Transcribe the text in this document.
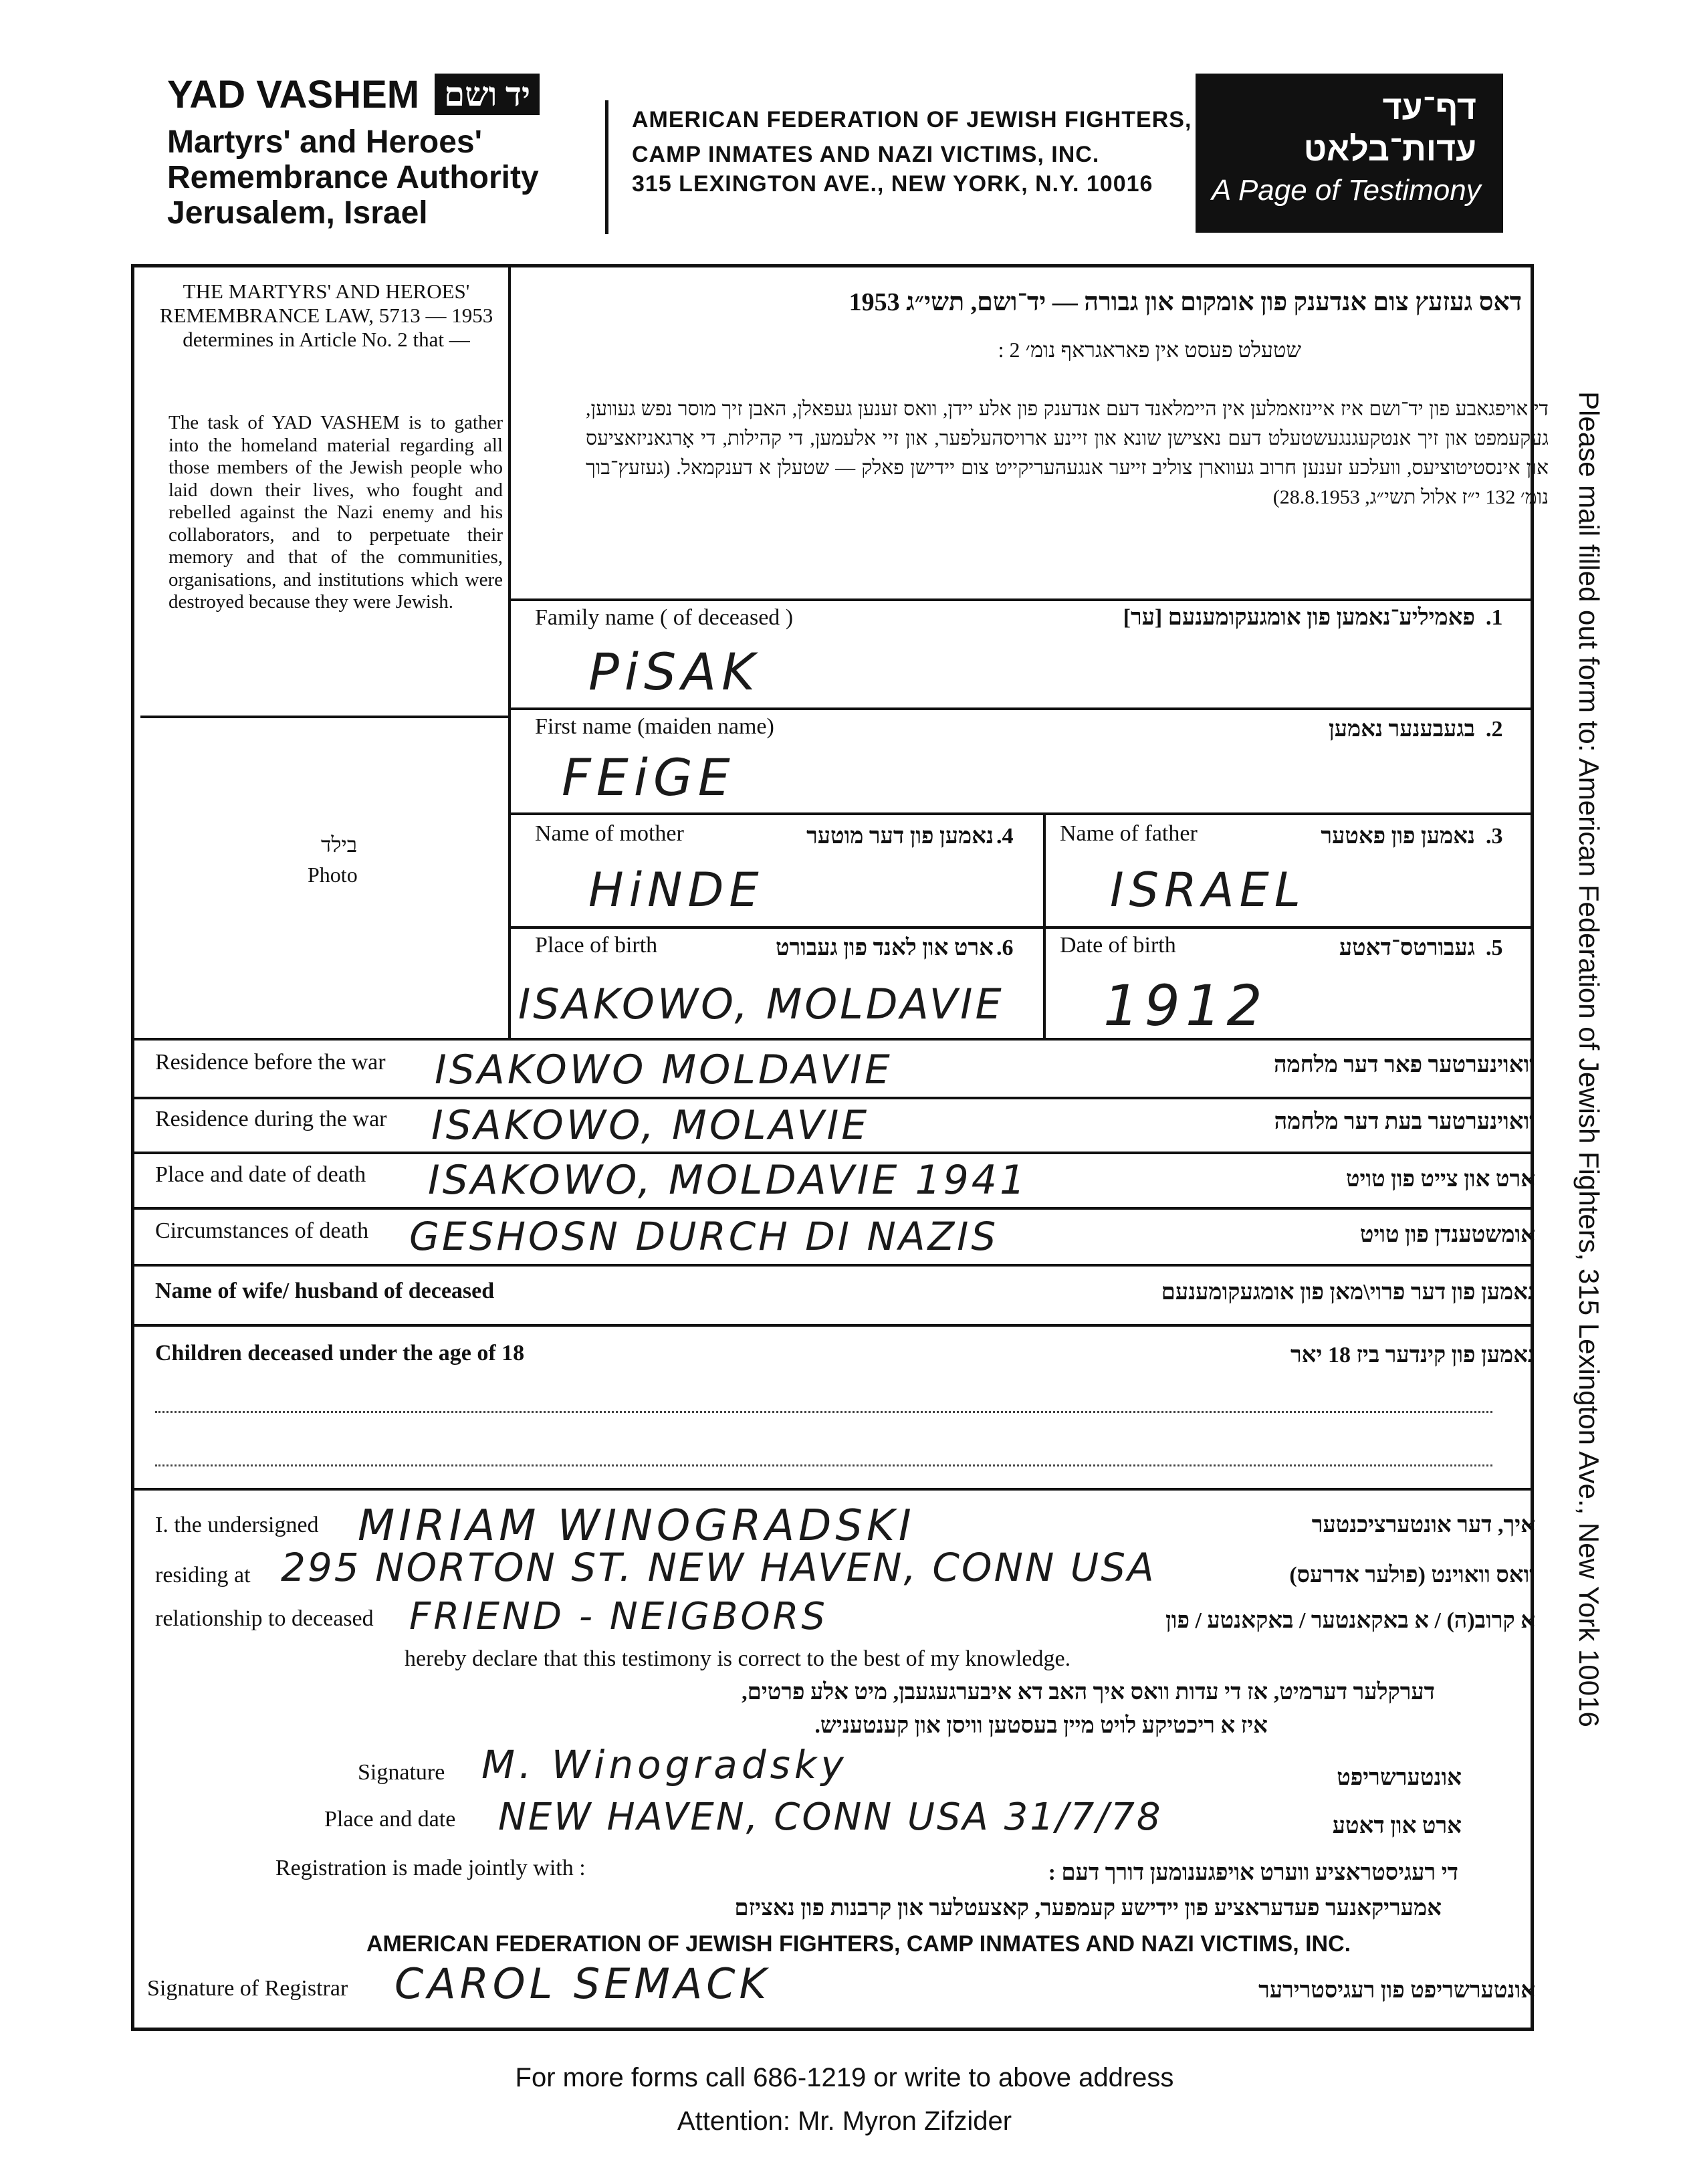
YAD VASHEM יד ושם
Martyrs' and Heroes'
Remembrance Authority
Jerusalem, Israel
AMERICAN FEDERATION OF JEWISH FIGHTERS,
CAMP INMATES AND NAZI VICTIMS, INC.
315 LEXINGTON AVE., NEW YORK, N.Y. 10016
דף־עד
עדות־בלאט
A Page of Testimony
THE MARTYRS' AND HEROES' REMEMBRANCE LAW, 5713 — 1953 determines in Article No. 2 that —
The task of YAD VASHEM is to gather into the homeland material regarding all those members of the Jewish people who laid down their lives, who fought and rebelled against the Nazi enemy and his collaborators, and to perpetuate their memory and that of the communities, organisations, and institutions which were destroyed because they were Jewish.
דאס געזעץ צום אנדענק פון אומקום און גבורה — יד־ושם, תשי״ג 1953
שטעלט פעסט אין פאראגראף נומ׳ 2 :
די אויפגאבע פון יד־ושם איז איינזאמלען אין היימלאנד דעם אנדענק פון אלע יידן, וואס זענען געפאלן, האבן זיך מוסר נפש געווען, געקעמפט און זיך אנטקעגנגעשטעלט דעם נאצישן שונא און זיינע ארויסהעלפער, און זיי אלעמען, די קהילות, די אָרגאניזאציעס און אינסטיטוציעס, וועלכע זענען חרוב געווארן צוליב זייער אנגעהעריקייט צום יידישן פאלק — שטעלן א דענקמאל. (געזעץ־בוך נומ׳ 132 י״ז אלול תשי״ג, 28.8.1953)
בילד
Photo
Family name ( of deceased )	פאמיליע־נאמען פון אומגעקומענעם [ער] .1
PiSAK
First name (maiden name)	בגעבענער נאמען .2
FEiGE
Name of mother	נאמען פון דער מוטער .4
HiNDE
Name of father	נאמען פון פאטער .3
ISRAEL
Place of birth	ארט און לאנד פון געבורט .6
ISAKOWO, MOLDAVIE
Date of birth	געבורטס־דאטע .5
1912
Residence before the war ISAKOWO MOLDAVIE	וואוינערטער פאר דער מלחמה
Residence during the war ISAKOWO, MOLAVIE	וואוינערטער בעת דער מלחמה
Place and date of death ISAKOWO, MOLDAVIE 1941	ארט און צייט פון טויט
Circumstances of death GESHOSN DURCH DI NAZIS	אומשטענדן פון טויט
Name of wife/ husband of deceased	נאמען פון דער פרוי\מאן פון אומגעקומענעם
Children deceased under the age of 18	נאמען פון קינדער ביז 18 יאר
I. the undersigned MIRIAM WINOGRADSKI	איך, דער אונטערציכנטער
residing at 295 NORTON ST. NEW HAVEN, CONN USA	וואס וואוינט (פולער אדרעס)
relationship to deceased FRIEND - NEIGBORS	א קרוב(ה) / א באקאנטער / באקאנטע / פון
hereby declare that this testimony is correct to the best of my knowledge.
דערקלער דערמיט, אז די עדות וואס איך האב דא איבערגעגעבן, מיט אלע פרטים,
איז א ריכטיקע לויט מיין בעסטען וויסן און קענטעניש.
Signature M. Winogradsky	אונטערשריפט
Place and date NEW HAVEN, CONN USA 31/7/78	ארט און דאטע
Registration is made jointly with :	די רעגיסטראציע ווערט אויפגענומען דורך דעם :
אמעריקאנער פעדעראציע פון יידישע קעמפער, קאצעטלער און קרבנות פון נאציזם
AMERICAN FEDERATION OF JEWISH FIGHTERS, CAMP INMATES AND NAZI VICTIMS, INC.
Signature of Registrar CAROL SEMACK	אונטערשריפט פון רעגיסטרירער
Please mail filled out form to: American Federation of Jewish Fighters, 315 Lexington Ave., New York 10016
For more forms call 686-1219 or write to above address
Attention: Mr. Myron Zifzider
